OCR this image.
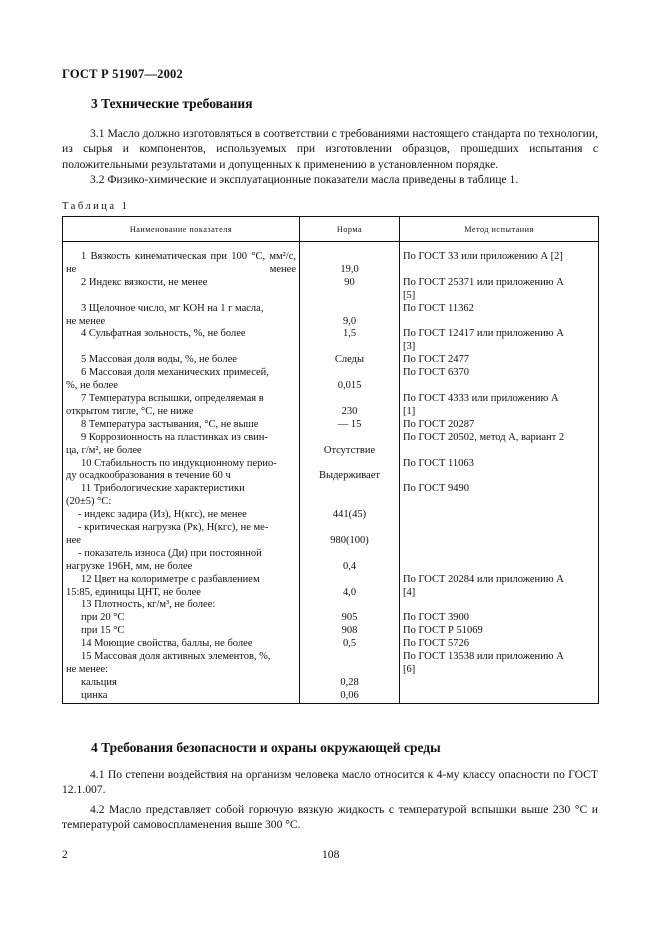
ГОСТ Р 51907—2002
3 Технические требования
3.1 Масло должно изготовляться в соответствии с требованиями настоящего стандарта по технологии, из сырья и компонентов, используемых при изготовлении образцов, прошедших испытания с положительными результатами и допущенных к применению в установленном порядке.
3.2 Физико-химические и эксплуатационные показатели масла приведены в таблице 1.
Таблица 1
Наименование показателя	Норма	Метод испытания

1 Вязкость кинематическая при 100 °С, мм²/с, не менее	19,0	По ГОСТ 33 или приложению А [2]

2 Индекс вязкости, не менее	90	По ГОСТ 25371 или приложению А
[5]

3 Щелочное число, мг КОН на 1 г масла,
не менее	9,0	По ГОСТ 11362

4 Сульфатная зольность, %, не более	1,5	По ГОСТ 12417 или приложению А
[3]

5 Массовая доля воды, %, не более	Следы	По ГОСТ 2477

6 Массовая доля механических примесей,
%, не более	0,015	По ГОСТ 6370

7 Температура вспышки, определяемая в
открытом тигле, °С, не ниже	230	По ГОСТ 4333 или приложению А
[1]

8 Температура застывания, °С, не выше	— 15	По ГОСТ 20287

9 Коррозионность на пластинках из свин-
ца, г/м², не более	Отсутствие	По ГОСТ 20502, метод А, вариант 2

10 Стабильность по индукционному перио-
ду осадкообразования в течение 60 ч	Выдерживает	По ГОСТ 11063

11 Трибологические характеристики
(20±5) °С:		По ГОСТ 9490

- индекс задира (Из), Н(кгс), не менее	441(45)	

- критическая нагрузка (Рк), Н(кгс), не ме-
нее	980(100)	

- показатель износа (Ди) при постоянной
нагрузке 196Н, мм, не более	0,4	

12 Цвет на колориметре с разбавлением
15:85, единицы ЦНТ, не более	4,0	По ГОСТ 20284 или приложению А
[4]

13 Плотность, кг/м³, не более:		

при 20 °С	905	По ГОСТ 3900

при 15 °С	908	По ГОСТ Р 51069

14 Моющие свойства, баллы, не более	0,5	По ГОСТ 5726

15 Массовая доля активных элементов, %,
не менее:		По ГОСТ 13538 или приложению А
[6]

кальция	0,28	

цинка	0,06	

4 Требования безопасности и охраны окружающей среды
4.1 По степени воздействия на организм человека масло относится к 4-му классу опасности по ГОСТ 12.1.007.
4.2 Масло представляет собой горючую вязкую жидкость с температурой вспышки выше 230 °С и температурой самовоспламенения выше 300 °С.
2	108
